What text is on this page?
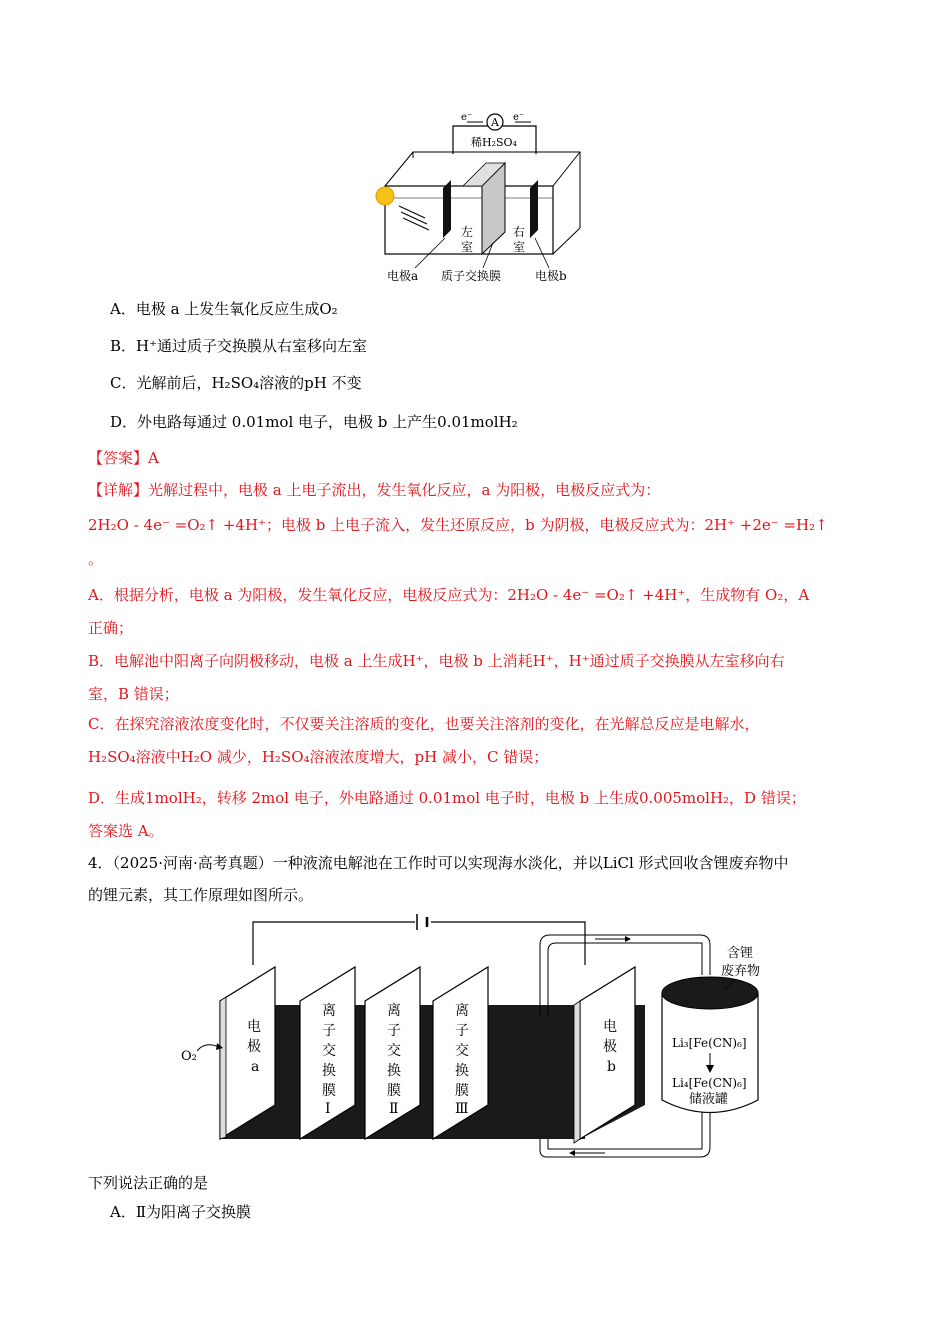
A
e⁻	e⁻
稀H₂SO₄
左
室
右
室
电极a 质子交换膜	电极b
A．电极 a 上发生氧化反应生成O₂
B．H⁺通过质子交换膜从右室移向左室
C．光解前后，H₂SO₄溶液的pH 不变
D．外电路每通过 0.01mol 电子，电极 b 上产生0.01molH₂
【答案】A
【详解】光解过程中，电极 a 上电子流出，发生氧化反应，a 为阳极，电极反应式为：
2H₂O - 4e⁻ =O₂↑ +4H⁺；电极 b 上电子流入，发生还原反应，b 为阴极，电极反应式为：2H⁺ +2e⁻ =H₂↑
。
A．根据分析，电极 a 为阳极，发生氧化反应，电极反应式为：2H₂O - 4e⁻ =O₂↑ +4H⁺，生成物有 O₂，A
正确；
B．电解池中阳离子向阴极移动，电极 a 上生成H⁺，电极 b 上消耗H⁺，H⁺通过质子交换膜从左室移向右
室，B 错误；
C．在探究溶液浓度变化时，不仅要关注溶质的变化，也要关注溶剂的变化，在光解总反应是电解水，
H₂SO₄溶液中H₂O 减少，H₂SO₄溶液浓度增大，pH 减小，C 错误；
D．生成1molH₂，转移 2mol 电子，外电路通过 0.01mol 电子时，电极 b 上生成0.005molH₂，D 错误；
答案选 A。
4．（2025·河南·高考真题）一种液流电解池在工作时可以实现海水淡化，并以LiCl 形式回收含锂废弃物中
的锂元素，其工作原理如图所示。
O₂
电
极
a
离
子
交
换
膜
Ⅰ
离
子
交
换
膜
Ⅱ
离
子
交
换
膜
Ⅲ
电
极
b
含锂
废弃物
Li₃[Fe(CN)₆]
Li₄[Fe(CN)₆]
储液罐
下列说法正确的是
A．Ⅱ为阳离子交换膜
